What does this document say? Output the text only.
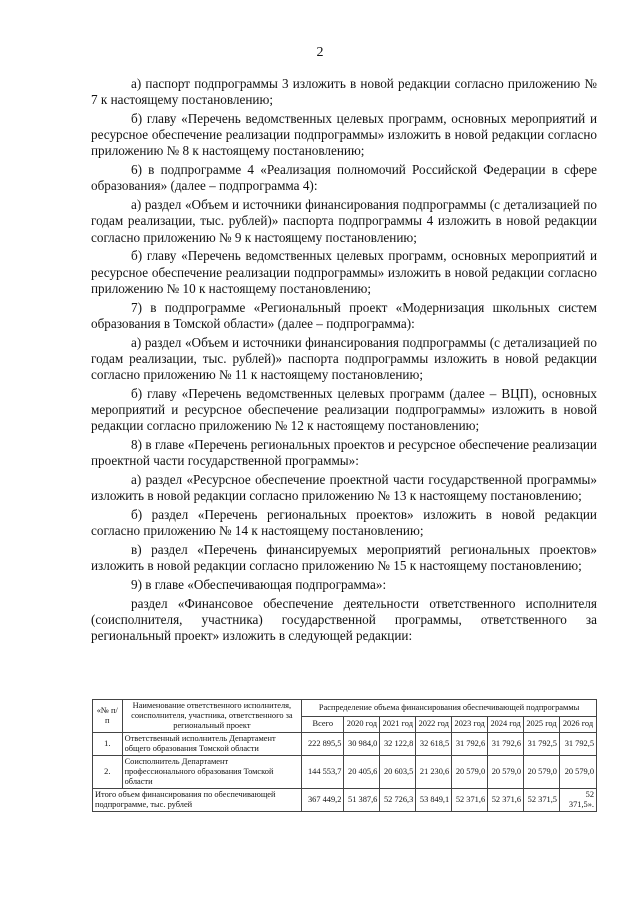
2

а) паспорт подпрограммы 3 изложить в новой редакции согласно приложению № 7 к настоящему постановлению;

б) главу «Перечень ведомственных целевых программ, основных мероприятий и ресурсное обеспечение реализации подпрограммы» изложить в новой редакции согласно приложению № 8 к настоящему постановлению;

6) в подпрограмме 4 «Реализация полномочий Российской Федерации в сфере образования» (далее – подпрограмма 4):

а) раздел «Объем и источники финансирования подпрограммы (с детализацией по годам реализации, тыс. рублей)» паспорта подпрограммы 4 изложить в новой редакции согласно приложению № 9 к настоящему постановлению;

б) главу «Перечень ведомственных целевых программ, основных мероприятий и ресурсное обеспечение реализации подпрограммы» изложить в новой редакции согласно приложению № 10 к настоящему постановлению;

7) в подпрограмме «Региональный проект «Модернизация школьных систем образования в Томской области» (далее – подпрограмма):

а) раздел «Объем и источники финансирования подпрограммы (с детализацией по годам реализации, тыс. рублей)» паспорта подпрограммы изложить в новой редакции согласно приложению № 11 к настоящему постановлению;

б) главу «Перечень ведомственных целевых программ (далее – ВЦП), основных мероприятий и ресурсное обеспечение реализации подпрограммы» изложить в новой редакции согласно приложению № 12 к настоящему постановлению;

8) в главе «Перечень региональных проектов и ресурсное обеспечение реализации проектной части государственной программы»:

а) раздел «Ресурсное обеспечение проектной части государственной программы» изложить в новой редакции согласно приложению № 13 к настоящему постановлению;

б) раздел «Перечень региональных проектов» изложить в новой редакции согласно приложению № 14 к настоящему постановлению;

в) раздел «Перечень финансируемых мероприятий региональных проектов» изложить в новой редакции согласно приложению № 15 к настоящему постановлению;

9) в главе «Обеспечивающая подпрограмма»:

раздел «Финансовое обеспечение деятельности ответственного исполнителя (соисполнителя, участника) государственной программы, ответственного за региональный проект» изложить в следующей редакции:

«№ п/п	Наименование ответственного исполнителя, соисполнителя, участника, ответственного за региональный проект	Распределение объема финансирования обеспечивающей подпрограммы							
		Всего	2020 год	2021 год	2022 год	2023 год	2024 год	2025 год	2026 год
1.	Ответственный исполнитель Департамент общего образования Томской области	222 895,5	30 984,0	32 122,8	32 618,5	31 792,6	31 792,6	31 792,5	31 792,5
2.	Соисполнитель Департамент профессионального образования Томской области	144 553,7	20 405,6	20 603,5	21 230,6	20 579,0	20 579,0	20 579,0	20 579,0
Итого объем финансирования по обеспечивающей подпрограмме, тыс. рублей		367 449,2	51 387,6	52 726,3	53 849,1	52 371,6	52 371,6	52 371,5	52 371,5».
